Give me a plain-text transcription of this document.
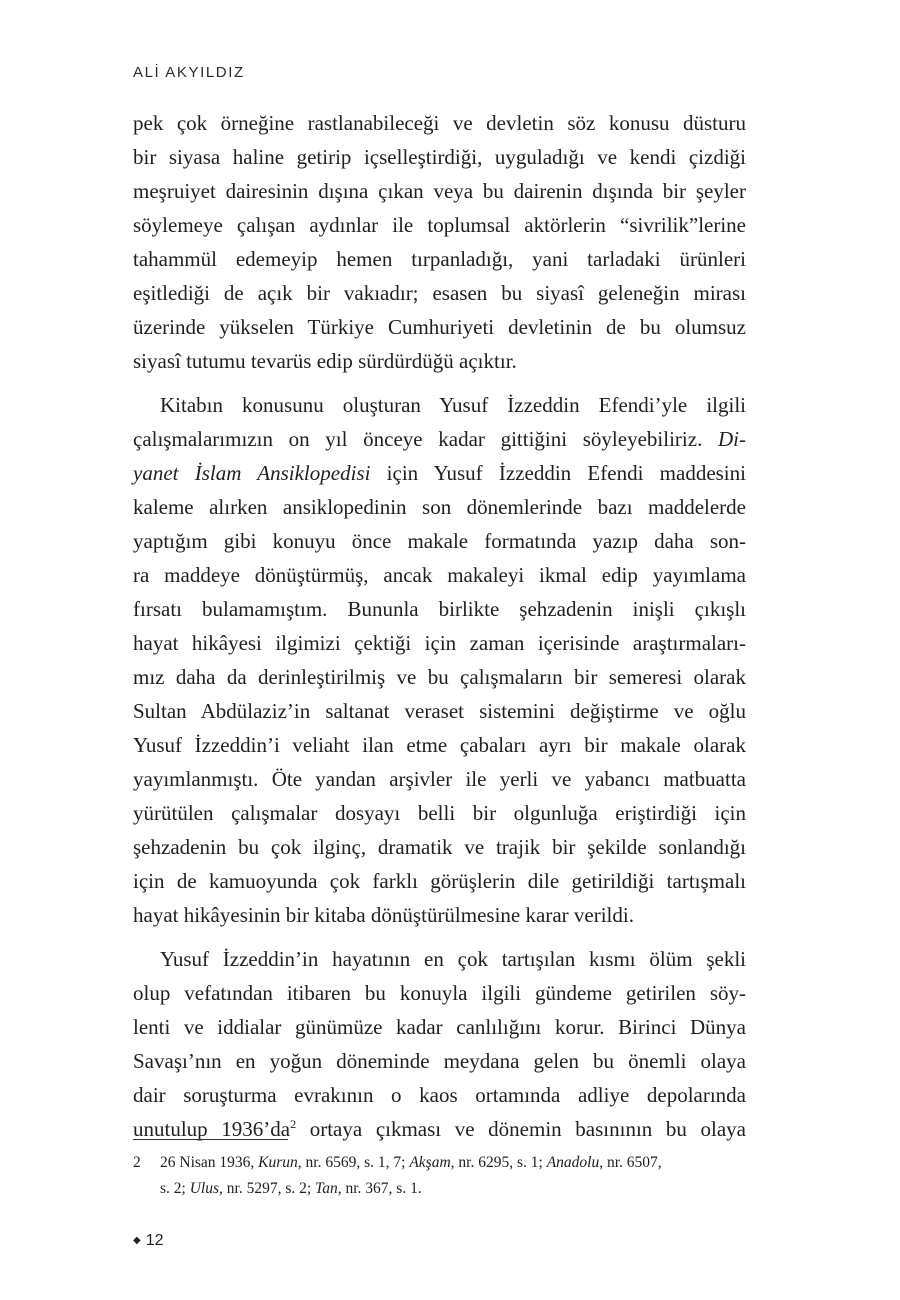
ALİ AKYILDIZ
pek çok örneğine rastlanabileceği ve devletin söz konusu düsturu
bir siyasa haline getirip içselleştirdiği, uyguladığı ve kendi çizdiği
meşruiyet dairesinin dışına çıkan veya bu dairenin dışında bir şeyler
söylemeye çalışan aydınlar ile toplumsal aktörlerin “sivrilik”lerine
tahammül edemeyip hemen tırpanladığı, yani tarladaki ürünleri
eşitlediği de açık bir vakıadır; esasen bu siyasî geleneğin mirası
üzerinde yükselen Türkiye Cumhuriyeti devletinin de bu olumsuz
siyasî tutumu tevarüs edip sürdürdüğü açıktır.
Kitabın konusunu oluşturan Yusuf İzzeddin Efendi’yle ilgili
çalışmalarımızın on yıl önceye kadar gittiğini söyleyebiliriz. Di-
yanet İslam Ansiklopedisi için Yusuf İzzeddin Efendi maddesini
kaleme alırken ansiklopedinin son dönemlerinde bazı maddelerde
yaptığım gibi konuyu önce makale formatında yazıp daha son-
ra maddeye dönüştürmüş, ancak makaleyi ikmal edip yayımlama
fırsatı bulamamıştım. Bununla birlikte şehzadenin inişli çıkışlı
hayat hikâyesi ilgimizi çektiği için zaman içerisinde araştırmaları-
mız daha da derinleştirilmiş ve bu çalışmaların bir semeresi olarak
Sultan Abdülaziz’in saltanat veraset sistemini değiştirme ve oğlu
Yusuf İzzeddin’i veliaht ilan etme çabaları ayrı bir makale olarak
yayımlanmıştı. Öte yandan arşivler ile yerli ve yabancı matbuatta
yürütülen çalışmalar dosyayı belli bir olgunluğa eriştirdiği için
şehzadenin bu çok ilginç, dramatik ve trajik bir şekilde sonlandığı
için de kamuoyunda çok farklı görüşlerin dile getirildiği tartışmalı
hayat hikâyesinin bir kitaba dönüştürülmesine karar verildi.
Yusuf İzzeddin’in hayatının en çok tartışılan kısmı ölüm şekli
olup vefatından itibaren bu konuyla ilgili gündeme getirilen söy-
lenti ve iddialar günümüze kadar canlılığını korur. Birinci Dünya
Savaşı’nın en yoğun döneminde meydana gelen bu önemli olaya
dair soruşturma evrakının o kaos ortamında adliye depolarında
unutulup 1936’da$^2$ ortaya çıkması ve dönemin basınının bu olaya
2 26 Nisan 1936, Kurun, nr. 6569, s. 1, 7; Akşam, nr. 6295, s. 1; Anadolu, nr. 6507,
s. 2; Ulus, nr. 5297, s. 2; Tan, nr. 367, s. 1.
◆ 12
